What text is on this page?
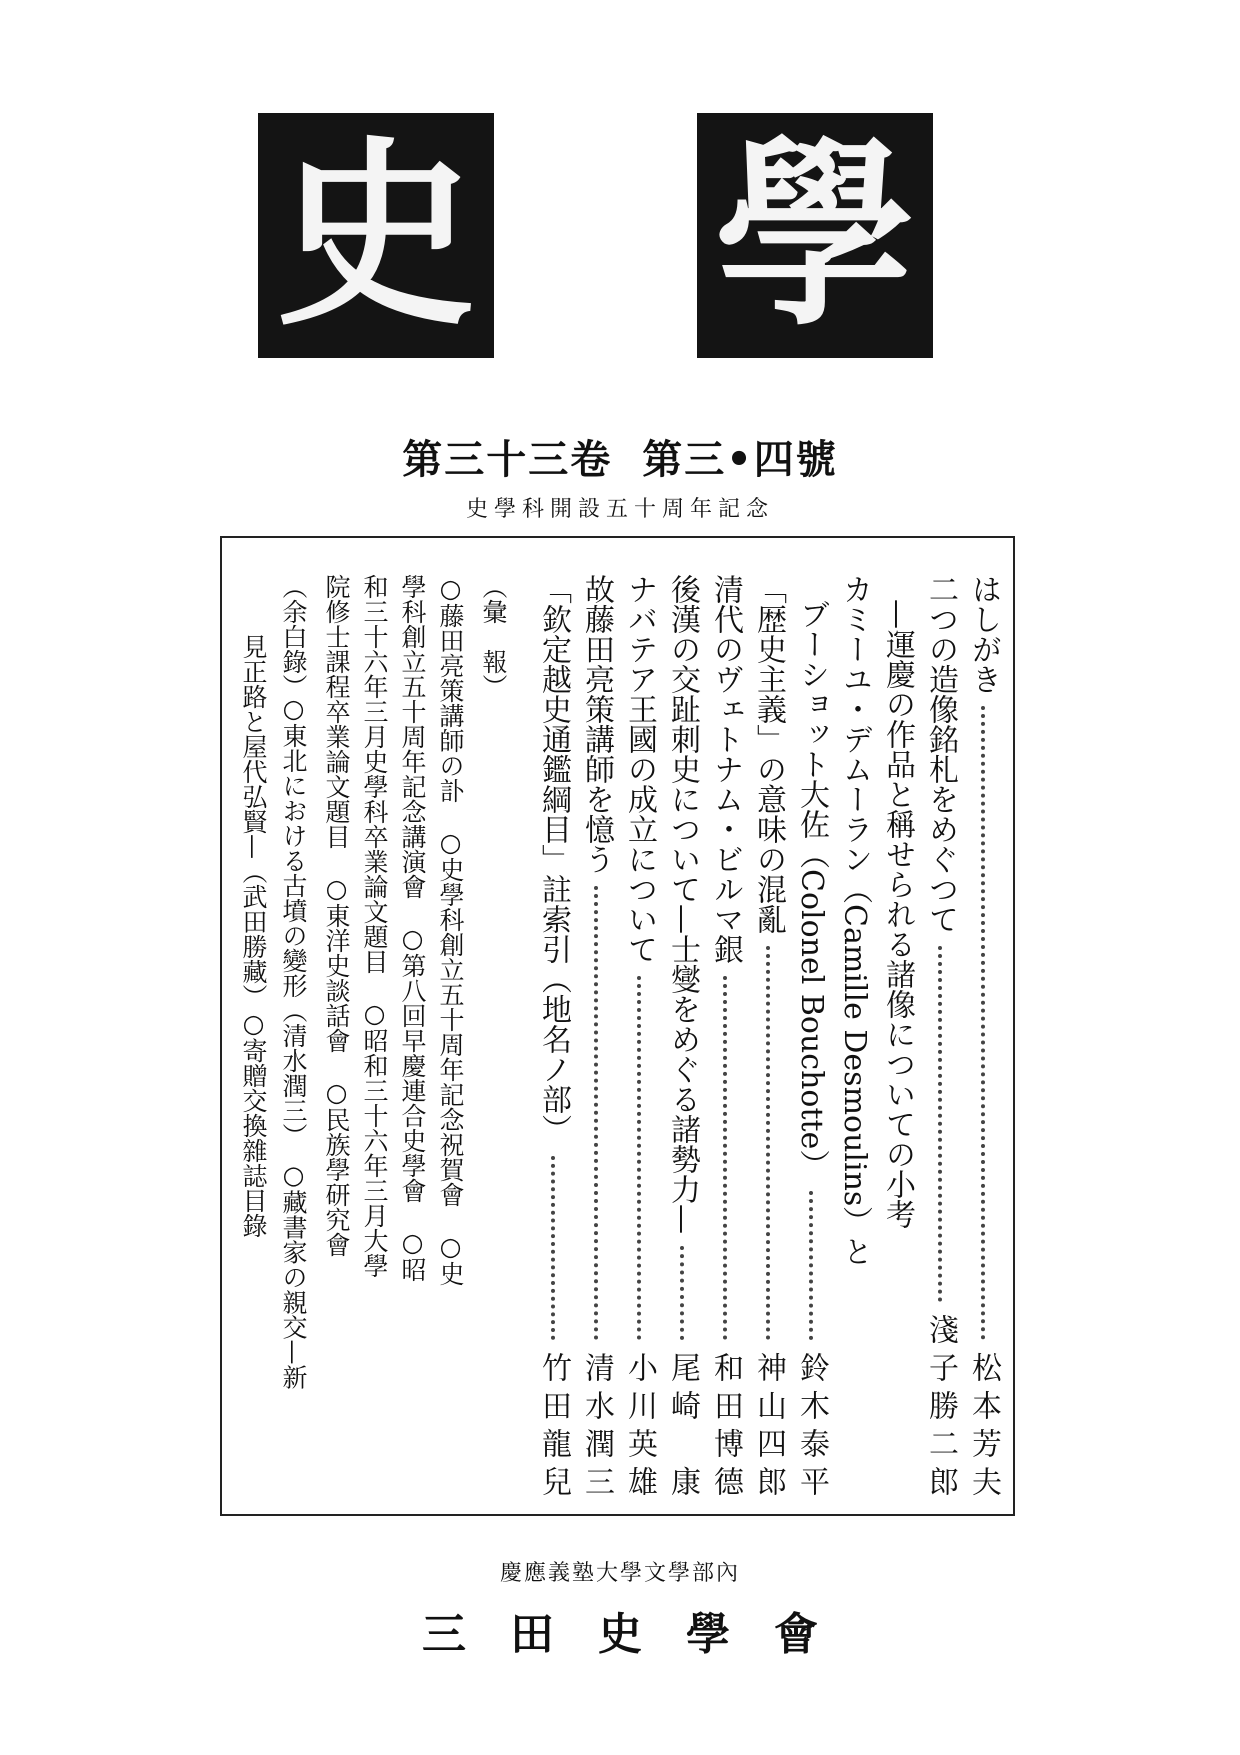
史 學
第三十三卷 第三•四號
史學科開設五十周年記念
はしがき
松本芳夫
二つの造像銘札をめぐつて
淺子勝二郎
—運慶の作品と稱せられる諸像についての小考
カミーユ・デムーラン（Camille Desmoulins）と
ブーショット大佐（Colonel Bouchotte）
鈴木泰平
「歴史主義」の意味の混亂
神山四郎
清代のヴェトナム・ビルマ銀
和田博德
後漢の交趾刺史について—士燮をめぐる諸勢力—
尾崎　康
ナバテア王國の成立について
小川英雄
故藤田亮策講師を憶う
清水潤三
「欽定越史通鑑綱目」註索引（地名ノ部）
竹田龍兒
（彙　報）
○藤田亮策講師の訃　○史學科創立五十周年記念祝賀會　○史
學科創立五十周年記念講演會　○第八回早慶連合史學會　○昭
和三十六年三月史學科卒業論文題目　○昭和三十六年三月大學
院修士課程卒業論文題目　○東洋史談話會　○民族學研究會
（余白錄）
○東北における古墳の變形（清水潤三）　○藏書家の親交—新
見正路と屋代弘賢—（武田勝藏）○寄贈交換雜誌目錄
慶應義塾大學文學部內
三田史學會
